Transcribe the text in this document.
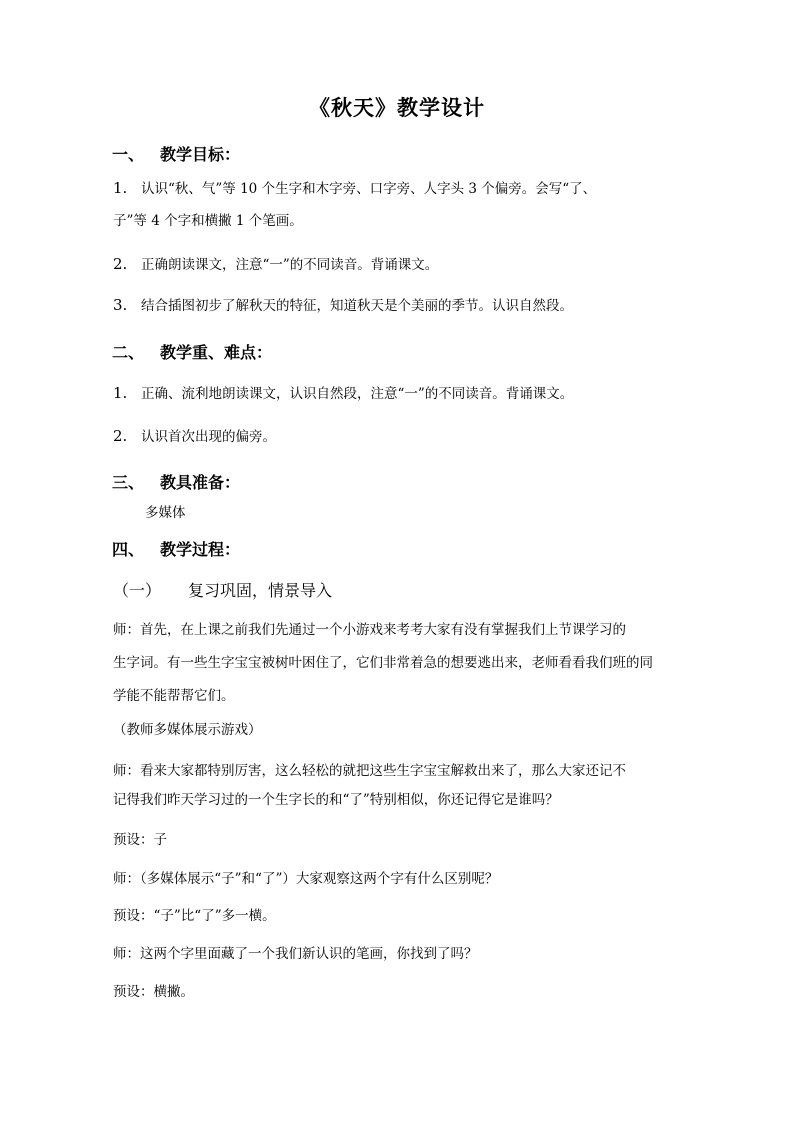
《秋天》教学设计
一、 教学目标：
1. 认识“秋、气”等 10 个生字和木字旁、口字旁、人字头 3 个偏旁。会写“了、
子”等 4 个字和横撇 1 个笔画。
2. 正确朗读课文，注意“一”的不同读音。背诵课文。
3. 结合插图初步了解秋天的特征，知道秋天是个美丽的季节。认识自然段。
二、 教学重、难点：
1. 正确、流利地朗读课文，认识自然段，注意“一”的不同读音。背诵课文。
2. 认识首次出现的偏旁。
三、 教具准备：
多媒体
四、 教学过程：
（一） 复习巩固，情景导入
师：首先，在上课之前我们先通过一个小游戏来考考大家有没有掌握我们上节课学习的
生字词。有一些生字宝宝被树叶困住了，它们非常着急的想要逃出来，老师看看我们班的同
学能不能帮帮它们。
（教师多媒体展示游戏）
师：看来大家都特别厉害，这么轻松的就把这些生字宝宝解救出来了，那么大家还记不
记得我们昨天学习过的一个生字长的和“了”特别相似，你还记得它是谁吗？
预设：子
师：（多媒体展示“子”和“了”）大家观察这两个字有什么区别呢？
预设：“子”比“了”多一横。
师：这两个字里面藏了一个我们新认识的笔画，你找到了吗？
预设：横撇。
